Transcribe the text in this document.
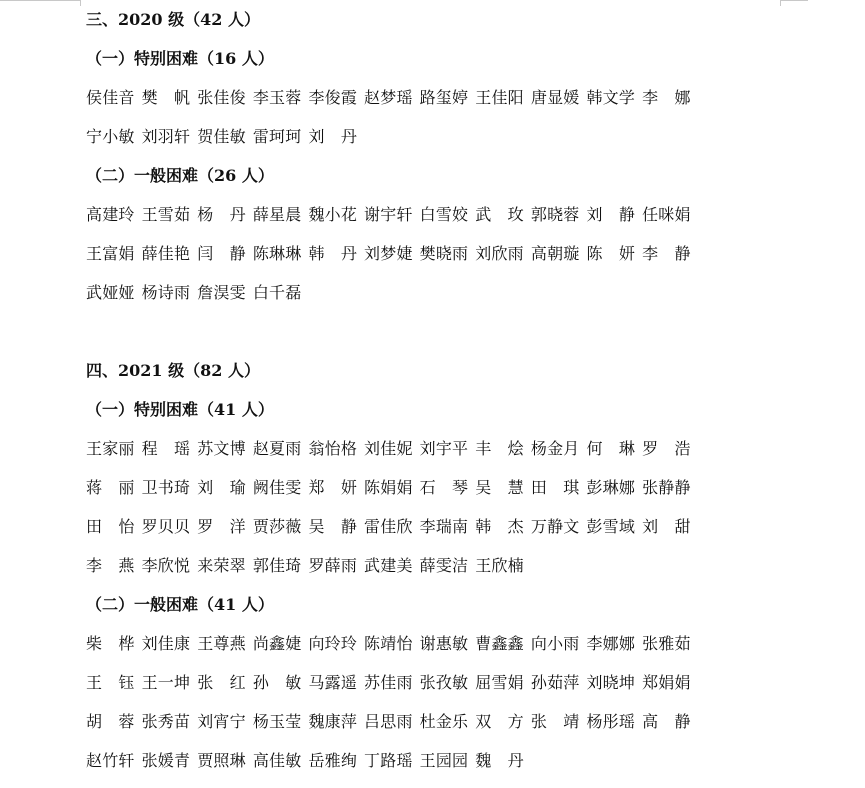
三、2020 级（42 人）
（一）特别困难（16 人）
侯佳音 樊　帆 张佳俊 李玉蓉 李俊霞 赵梦瑶 路玺婷 王佳阳 唐显媛 韩文学 李　娜
宁小敏 刘羽轩 贺佳敏 雷珂珂 刘　丹
（二）一般困难（26 人）
高建玲 王雪茹 杨　丹 薛星晨 魏小花 谢宇轩 白雪姣 武　玫 郭晓蓉 刘　静 任咪娟
王富娟 薛佳艳 闫　静 陈琳琳 韩　丹 刘梦婕 樊晓雨 刘欣雨 高朝璇 陈　妍 李　静
武娅娅 杨诗雨 詹淏雯 白千磊
四、2021 级（82 人）
（一）特别困难（41 人）
王家丽 程　瑶 苏文博 赵夏雨 翁怡格 刘佳妮 刘宇平 丰　烩 杨金月 何　琳 罗　浩
蒋　丽 卫书琦 刘　瑜 阙佳雯 郑　妍 陈娟娟 石　琴 吴　慧 田　琪 彭琳娜 张静静
田　怡 罗贝贝 罗　洋 贾莎薇 吴　静 雷佳欣 李瑞南 韩　杰 万静文 彭雪域 刘　甜
李　燕 李欣悦 来荣翠 郭佳琦 罗薛雨 武建美 薛雯洁 王欣楠
（二）一般困难（41 人）
柴　桦 刘佳康 王尊燕 尚鑫婕 向玲玲 陈靖怡 谢惠敏 曹鑫鑫 向小雨 李娜娜 张雅茹
王　钰 王一坤 张　红 孙　敏 马露遥 苏佳雨 张孜敏 屈雪娟 孙茹萍 刘晓坤 郑娟娟
胡　蓉 张秀苗 刘宵宁 杨玉莹 魏康萍 吕思雨 杜金乐 双　方 张　靖 杨彤瑶 高　静
赵竹轩 张媛青 贾照琳 高佳敏 岳雅绚 丁路瑶 王园园 魏　丹
